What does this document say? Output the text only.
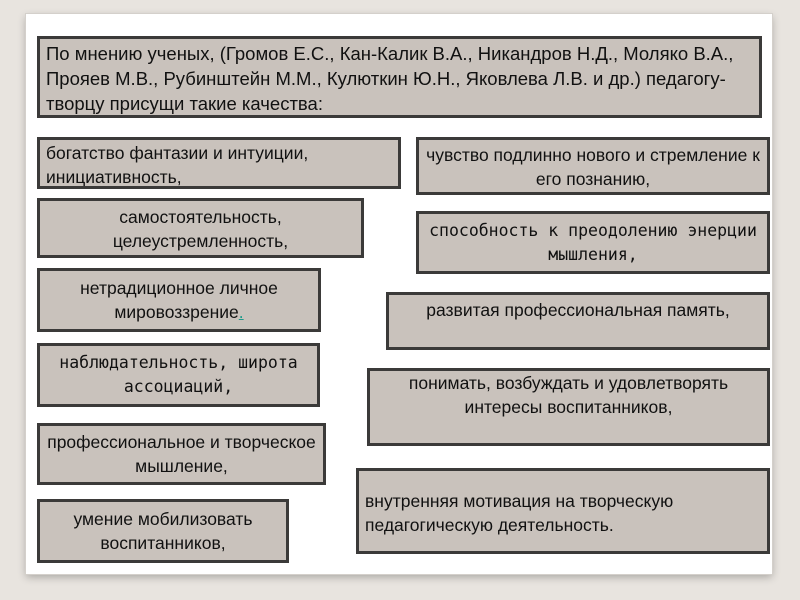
По мнению ученых, (Громов Е.С., Кан-Калик В.А., Никандров Н.Д., Моляко В.А., Прояев М.В., Рубинштейн М.М., Кулюткин Ю.Н., Яковлева Л.В. и др.) педагогу-творцу присущи такие качества:
богатство фантазии и интуиции, инициативность,
самостоятельность, целеустремленность,
нетрадиционное личное мировоззрение.
наблюдательность, широта ассоциаций,
профессиональное и творческое мышление,
умение мобилизовать воспитанников,
чувство подлинно нового и стремление к его познанию,
способность к преодолению энерции мышления,
развитая профессиональная память,
понимать, возбуждать и удовлетворять интересы воспитанников,
внутренняя мотивация на творческую педагогическую деятельность.
